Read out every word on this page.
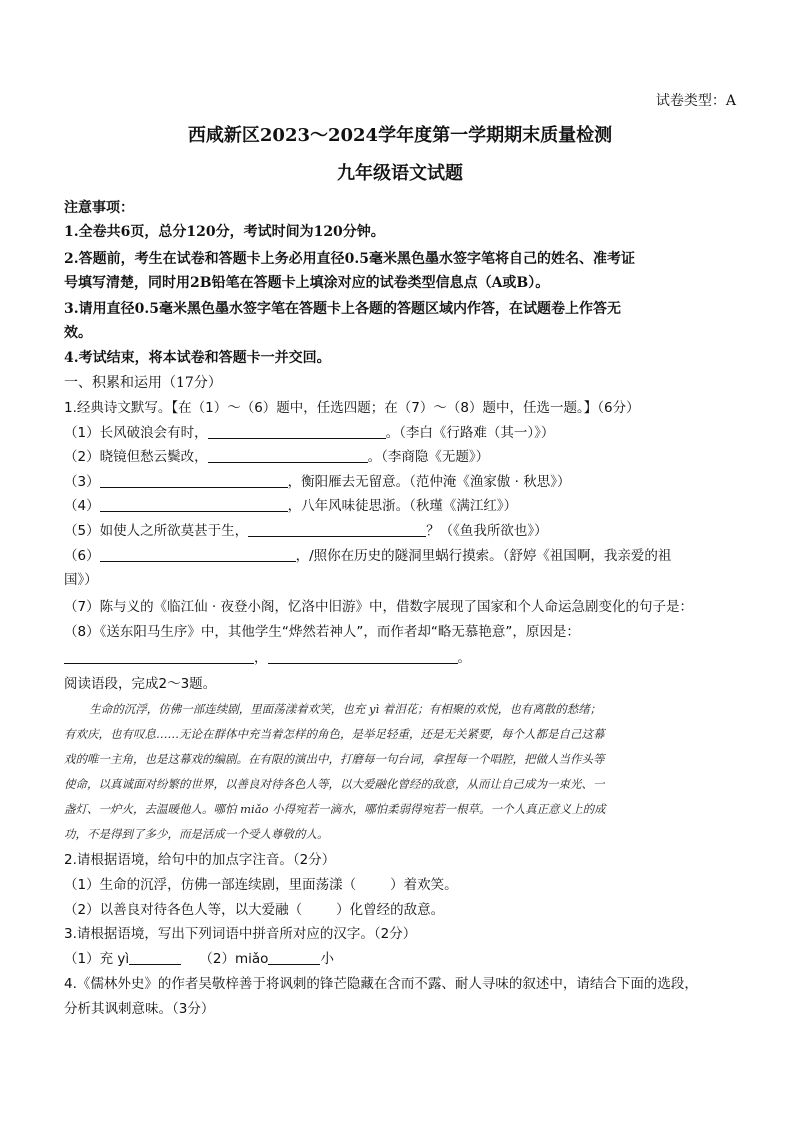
试卷类型：A
西咸新区2023～2024学年度第一学期期末质量检测
九年级语文试题
注意事项：
1.全卷共6页，总分120分，考试时间为120分钟。
2.答题前，考生在试卷和答题卡上务必用直径0.5毫米黑色墨水签字笔将自己的姓名、准考证
号填写清楚，同时用2B铅笔在答题卡上填涂对应的试卷类型信息点（A或B）。
3.请用直径0.5毫米黑色墨水签字笔在答题卡上各题的答题区域内作答，在试题卷上作答无
效。
4.考试结束，将本试卷和答题卡一并交回。
一、积累和运用（17分）
1.经典诗文默写。【在（1）～（6）题中，任选四题；在（7）～（8）题中，任选一题。】（6分）
（1）长风破浪会有时，	。（李白《行路难（其一）》）
（2）晓镜但愁云鬓改，	。（李商隐《无题》）
（3）	，衡阳雁去无留意。（范仲淹《渔家傲 · 秋思》）
（4）	，八年风味徒思浙。（秋瑾《满江红》）
（5）如使人之所欲莫甚于生，	？（《鱼我所欲也》）
（6）	，/照你在历史的隧洞里蜗行摸索。（舒婷《祖国啊，我亲爱的祖
国》）
（7）陈与义的《临江仙 · 夜登小阁，忆洛中旧游》中，借数字展现了国家和个人命运急剧变化的句子是：
（8）《送东阳马生序》中，其他学生“烨然若神人”，而作者却“略无慕艳意”，原因是：
，	。
阅读语段，完成2～3题。
生命的沉浮，仿佛一部连续剧，里面荡漾着欢笑，也充 yì 着泪花；有相聚的欢悦，也有离散的愁绪；
有欢庆，也有叹息……无论在群体中充当着怎样的角色，是举足轻重，还是无关紧要，每个人都是自己这幕
戏的唯一主角，也是这幕戏的编剧。在有限的演出中，打磨每一句台词，拿捏每一个唱腔，把做人当作头等
使命，以真诚面对纷繁的世界，以善良对待各色人等，以大爱融化曾经的敌意，从而让自己成为一束光、一
盏灯、一炉火，去温暖他人。哪怕 miǎo 小得宛若一滴水，哪怕柔弱得宛若一根草。一个人真正意义上的成
功，不是得到了多少，而是活成一个受人尊敬的人。
2.请根据语境，给句中的加点字注音。（2分）
（1）生命的沉浮，仿佛一部连续剧，里面荡漾（	）着欢笑。
（2）以善良对待各色人等，以大爱融（	）化曾经的敌意。
3.请根据语境，写出下列词语中拼音所对应的汉字。（2分）
（1）充 yì	（2）miǎo	小
4.《儒林外史》的作者吴敬梓善于将讽刺的锋芒隐藏在含而不露、耐人寻味的叙述中，请结合下面的选段，
分析其讽刺意味。（3分）
